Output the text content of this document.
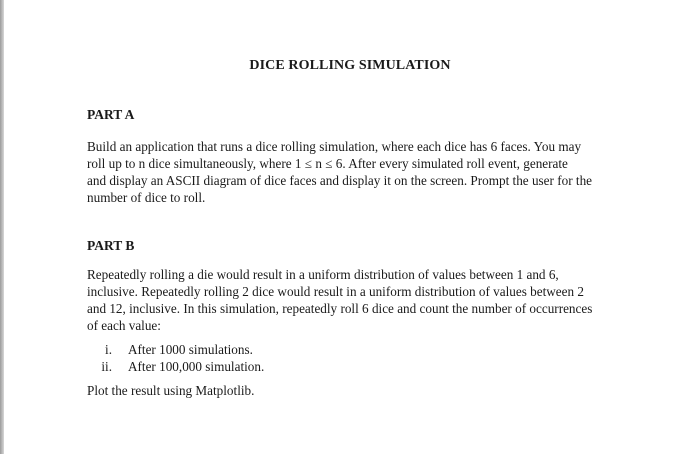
DICE ROLLING SIMULATION
PART A
Build an application that runs a dice rolling simulation, where each dice has 6 faces. You may
roll up to n dice simultaneously, where 1 ≤ n ≤ 6. After every simulated roll event, generate
and display an ASCII diagram of dice faces and display it on the screen. Prompt the user for the
number of dice to roll.
PART B
Repeatedly rolling a die would result in a uniform distribution of values between 1 and 6,
inclusive. Repeatedly rolling 2 dice would result in a uniform distribution of values between 2
and 12, inclusive. In this simulation, repeatedly roll 6 dice and count the number of occurrences
of each value:
i. After 1000 simulations.
ii. After 100,000 simulation.
Plot the result using Matplotlib.
